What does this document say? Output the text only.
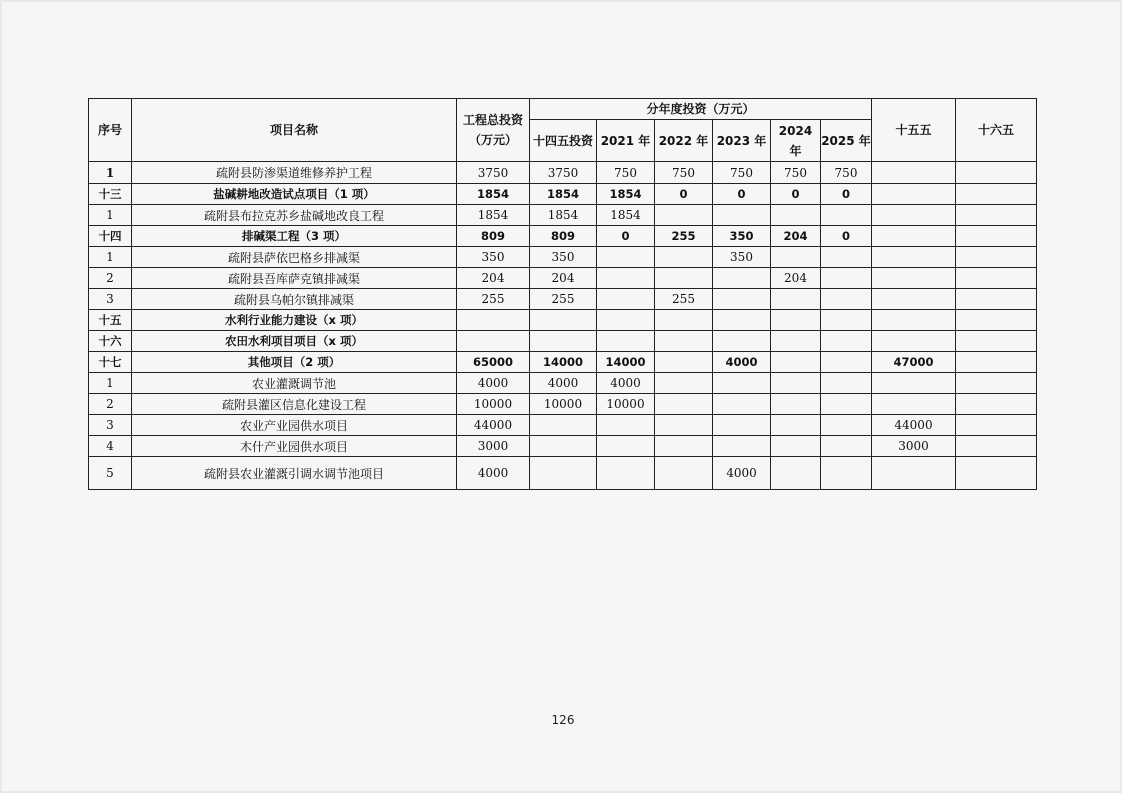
序号	项目名称	工程总投资（万元）	分年度投资（万元）						十五五	十六五
			十四五投资	2021 年	2022 年	2023 年	2024 年	2025 年		
1	疏附县防渗渠道维修养护工程	3750	3750	750	750	750	750	750		
十三	盐碱耕地改造试点项目（1 项）	1854	1854	1854	0	0	0	0		
1	疏附县布拉克苏乡盐碱地改良工程	1854	1854	1854						
十四	排碱渠工程（3 项）	809	809	0	255	350	204	0		
1	疏附县萨依巴格乡排减渠	350	350			350				
2	疏附县吾库萨克镇排减渠	204	204				204			
3	疏附县乌帕尔镇排减渠	255	255		255					
十五	水利行业能力建设（x 项）									
十六	农田水利项目项目（x 项）									
十七	其他项目（2 项）	65000	14000	14000		4000			47000	
1	农业灌溉调节池	4000	4000	4000						
2	疏附县灌区信息化建设工程	10000	10000	10000						
3	农业产业园供水项目	44000							44000	
4	木什产业园供水项目	3000							3000	
5	疏附县农业灌溉引调水调节池项目	4000				4000				
126
